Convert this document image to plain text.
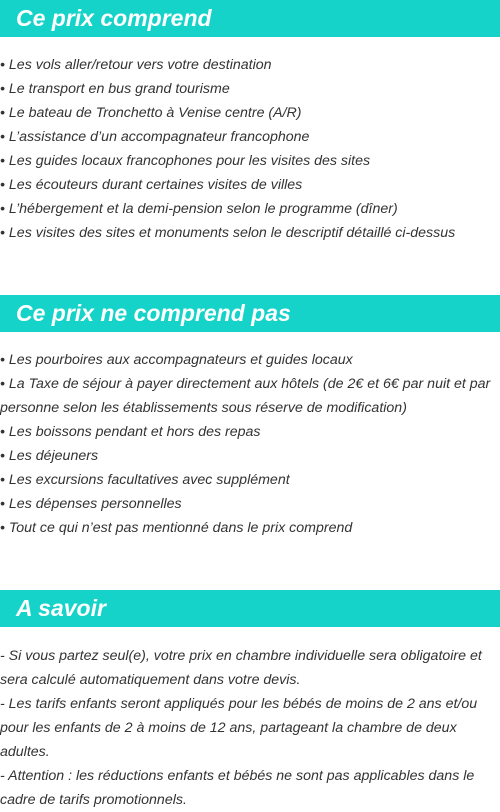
Ce prix comprend
• Les vols aller/retour vers votre destination
• Le transport en bus grand tourisme
• Le bateau de Tronchetto à Venise centre (A/R)
• L’assistance d’un accompagnateur francophone
• Les guides locaux francophones pour les visites des sites
• Les écouteurs durant certaines visites de villes
• L’hébergement et la demi-pension selon le programme (dîner)
• Les visites des sites et monuments selon le descriptif détaillé ci-dessus
Ce prix ne comprend pas
• Les pourboires aux accompagnateurs et guides locaux
• La Taxe de séjour à payer directement aux hôtels (de 2€ et 6€ par nuit et par personne selon les établissements sous réserve de modification)
• Les boissons pendant et hors des repas
• Les déjeuners
• Les excursions facultatives avec supplément
• Les dépenses personnelles
• Tout ce qui n’est pas mentionné dans le prix comprend
A savoir
- Si vous partez seul(e), votre prix en chambre individuelle sera obligatoire et sera calculé automatiquement dans votre devis.
- Les tarifs enfants seront appliqués pour les bébés de moins de 2 ans et/ou pour les enfants de 2 à moins de 12 ans, partageant la chambre de deux adultes.
- Attention : les réductions enfants et bébés ne sont pas applicables dans le cadre de tarifs promotionnels.
